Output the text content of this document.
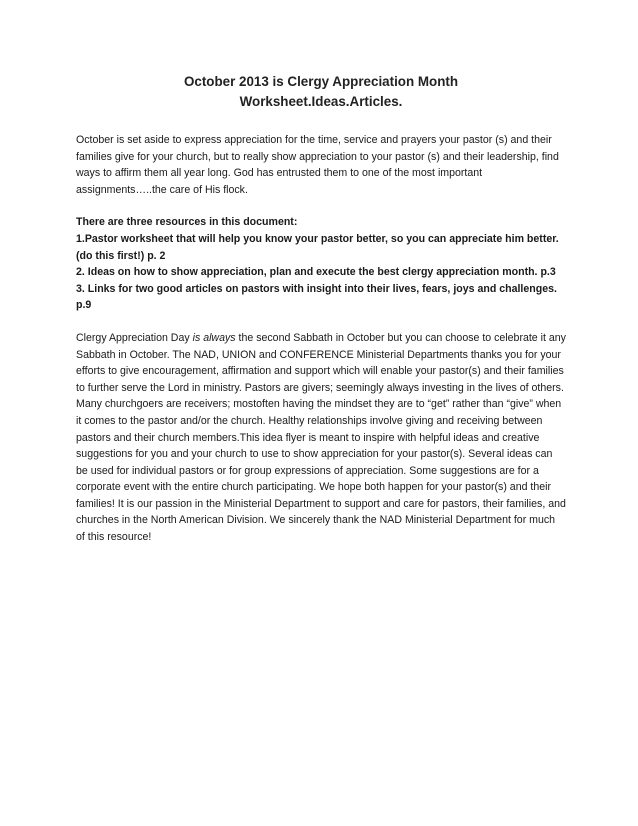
October 2013 is Clergy Appreciation Month
Worksheet.Ideas.Articles.

October is set aside to express appreciation for the time, service and prayers your pastor (s) and their families give for your church, but to really show appreciation to your pastor (s) and their leadership, find ways to affirm them all year long. God has entrusted them to one of the most important assignments…..the care of His flock.

There are three resources in this document:
1.Pastor worksheet that will help you know your pastor better, so you can appreciate him better. (do this first!) p. 2
2. Ideas on how to show appreciation, plan and execute the best clergy appreciation month. p.3
3. Links for two good articles on pastors with insight into their lives, fears, joys and challenges. p.9

Clergy Appreciation Day is always the second Sabbath in October but you can choose to celebrate it any Sabbath in October. The NAD, UNION and CONFERENCE Ministerial Departments thanks you for your efforts to give encouragement, affirmation and support which will enable your pastor(s) and their families to further serve the Lord in ministry. Pastors are givers; seemingly always investing in the lives of others. Many churchgoers are receivers; mostoften having the mindset they are to “get” rather than “give” when it comes to the pastor and/or the church. Healthy relationships involve giving and receiving between pastors and their church members.This idea flyer is meant to inspire with helpful ideas and creative suggestions for you and your church to use to show appreciation for your pastor(s). Several ideas can be used for individual pastors or for group expressions of appreciation. Some suggestions are for a corporate event with the entire church participating. We hope both happen for your pastor(s) and their families! It is our passion in the Ministerial Department to support and care for pastors, their families, and churches in the North American Division. We sincerely thank the NAD Ministerial Department for much of this resource!
